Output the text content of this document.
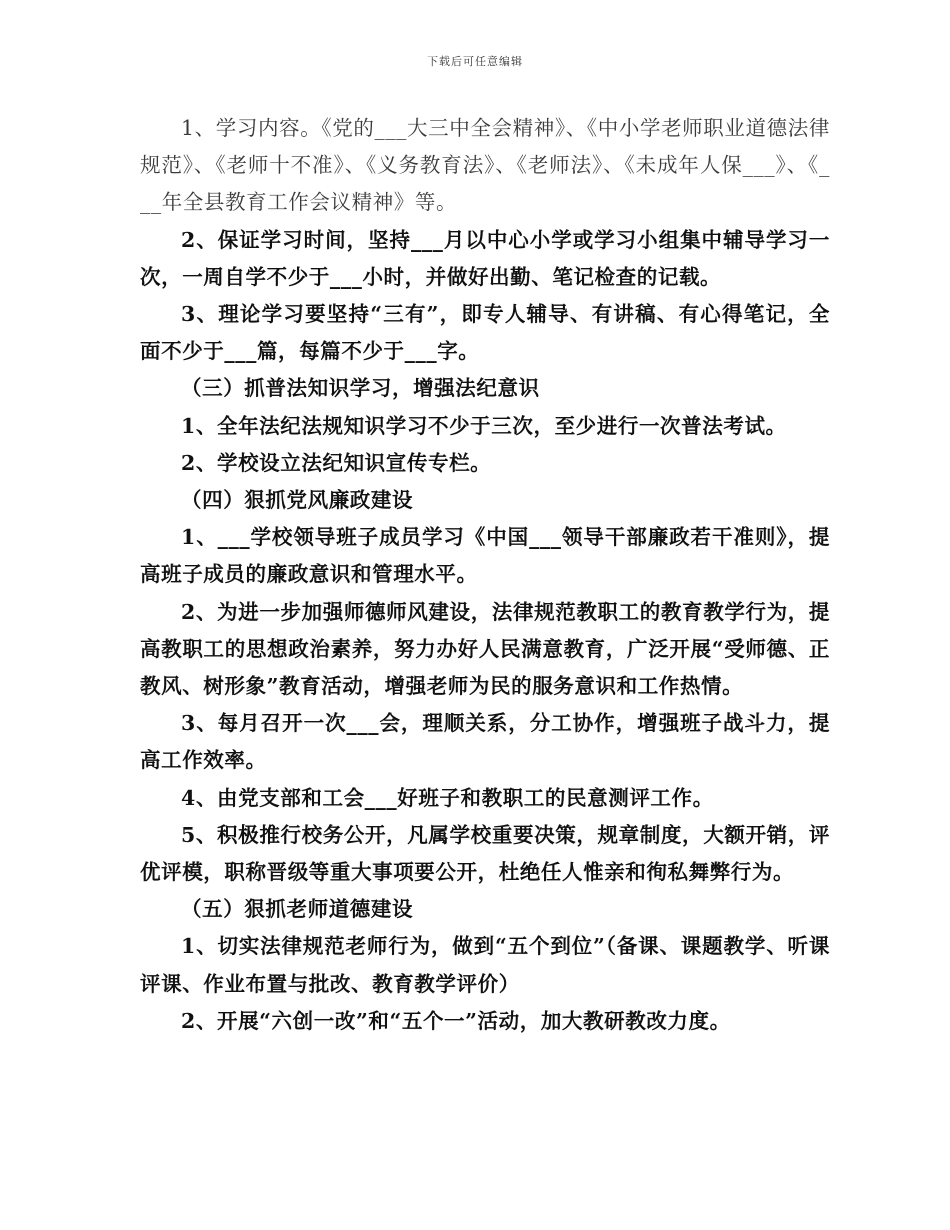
下载后可任意编辑

1、学习内容。《党的___大三中全会精神》、《中小学老师职业道德法律规范》、《老师十不准》、《义务教育法》、《老师法》、《未成年人保___》、《___年全县教育工作会议精神》等。

2、保证学习时间，坚持___月以中心小学或学习小组集中辅导学习一次，一周自学不少于___小时，并做好出勤、笔记检查的记载。

3、理论学习要坚持“三有”，即专人辅导、有讲稿、有心得笔记，全面不少于___篇，每篇不少于___字。

（三）抓普法知识学习，增强法纪意识

1、全年法纪法规知识学习不少于三次，至少进行一次普法考试。

2、学校设立法纪知识宣传专栏。

（四）狠抓党风廉政建设

1、___学校领导班子成员学习《中国___领导干部廉政若干准则》，提高班子成员的廉政意识和管理水平。

2、为进一步加强师德师风建设，法律规范教职工的教育教学行为，提高教职工的思想政治素养，努力办好人民满意教育，广泛开展“受师德、正教风、树形象”教育活动，增强老师为民的服务意识和工作热情。

3、每月召开一次___会，理顺关系，分工协作，增强班子战斗力，提高工作效率。

4、由党支部和工会___好班子和教职工的民意测评工作。

5、积极推行校务公开，凡属学校重要决策，规章制度，大额开销，评优评模，职称晋级等重大事项要公开，杜绝任人惟亲和徇私舞弊行为。

（五）狠抓老师道德建设

1、切实法律规范老师行为，做到“五个到位”（备课、课题教学、听课评课、作业布置与批改、教育教学评价）

2、开展“六创一改”和“五个一”活动，加大教研教改力度。
